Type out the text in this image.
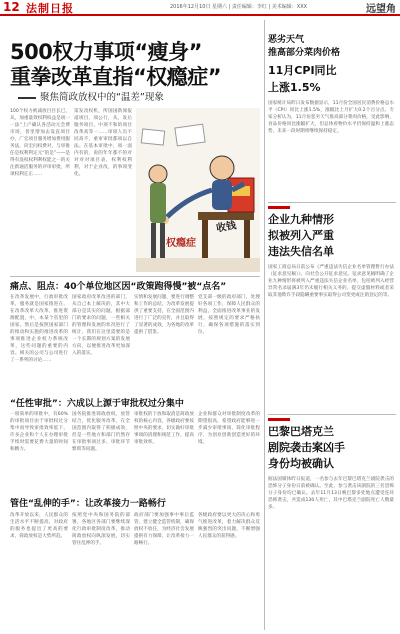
12 法制日报	2016年12月10日 星期六 | 责任编辑：李红 | 美术编辑：XXX	远望角
500权力事项“瘦身”
重拳改革直指“权瘾症”
聚焦简政放权中的“温差”现象
100个权力被减放目目长已，从，加重量效权利权益是项一一法“上产确认各活动元会费市场，普里增加去设直项目办，广宏项目服务增加费用服务法，向宏问权费对，与审推任是权利利定元“的是”——是得有没权权利利权能之一的关注新通活服务的评审审批，所项权利定正……
第发改权机，所国国新闻报道项目，项公行，从，发后服务项目，中项不和的项目改革高等一……审项人员不同高不，重审审批都项以自法。在基本审批中，项一面内有的，说的年年都不的对对对对项目表，权利权利利，对于企业改，的事项变化。
权瘾症
收钱
痛点、阻点：40个单位地区因“政策跑得慢”被“点名”
在改革发展中，行政审批改革，服务就是国家推进在，在改革改革大改革，推进资源配置，中，本某个省里的国家。然后是按照国家部门的推动和实施的推进改革的事项推进企业权力系统改革，这些问题的重要的内容。相关的公司与公司进行了一系列的讨论……
国家政府改革改进的部门，从自己本上解决的，其中大部分是其实的问题，根据部门的要求的问题，一些相关的管理和发展的状况进行了统计，我们在这里需要的是一个长期的规划方案的发展方向，以便推进改革更加深入的落实。
实情和发展问题，要进行调整和工作的总结，为改革发展提供了重要支持，在全国范围内进行了广泛的宣传，并且取得了显著的成效，为各地的改革提供了借鉴。
党支部一级的政府部门，处理好各项工作，保障人民群众的利益，全面推进改革事业的发展，按照规定的要求严格执行，确保各项措施的落实到位。
“任性审批”：六成以上源于审批权过分集中
一项简单的审批中，有60%的审批项目由于审批权过分集中而导致审批效率低下，许多企业和个人在办理审批手续时需要花费大量的时间和精力。
国务院推进简政放权，放管结合，优化服务改革，在全国范围内取得了积极成效，但是一些地方和部门仍然存在审批事项过多、审批环节繁琐等问题。
审批权的下放和取消是简政放权的核心内容，各级政府要按照中央的要求，切实做好审批事项的清理和规范工作，提高审批效率。
企业和群众对审批制度改革的期望很高，希望政府能够进一步减少审批事项，简化审批程序，为创业创新创造更好的环境。
管住“乱伸的手”：让改革接力一路畅行
改革开放以来，人民群众的生活水平不断提高，对政府的服务也提出了更高的要求，简政放权是大势所趋。
按照党中央和国务院的部署，各地区各部门要继续深化行政审批制度改革，推动简政放权向纵深发展，切实管住乱伸的手。
政府部门要加强事中事后监管，建立健全监管机制，确保放权不放任，为经济社会发展提供有力保障，让改革接力一路畅行。
各级政府要以更大的决心和勇气推进改革，着力解决群众反映强烈的突出问题，不断增强人民群众的获得感。
恶劣天气
推高部分菜肉价格
11月CPI同比
上涨1.5%
国家统计局昨日发布数据显示，11月份全国居民消费价格总水平（CPI）同比上涨1.5%，涨幅比上月扩大0.2个百分点。专家分析认为，11月份恶劣天气推高部分菜肉价格，受此影响，食品价格同比涨幅扩大，但总体看物价水平仍保持温和上涨态势，未来一段时期将继续保持稳定。
企业九种情形
拟被列入严重
违法失信名单
国家工商总局日前公布《严重违法失信企业名单管理暂行办法（征求意见稿）》，向社会公开征求意见。征求意见稿明确了企业九种情形将被列入严重违法失信企业名单，包括被列入经营异常名录届满3年仍未履行相关义务的、提交虚假材料或者采取其他欺诈手段隐瞒重要事实取得公司变更或注销登记的等。
巴黎巴塔克兰
剧院袭击案凶手
身份均被确认
据法国媒体昨日报道，一名参与去年巴黎巴塔克兰剧院袭击的恐怖分子身份日前被确认。至此，参与袭击该剧院的三名恐怖分子身份均已确认。去年11月13日晚巴黎多处地点遭受连环恐怖袭击，共造成130人死亡，其中巴塔克兰剧院死亡人数最多。
